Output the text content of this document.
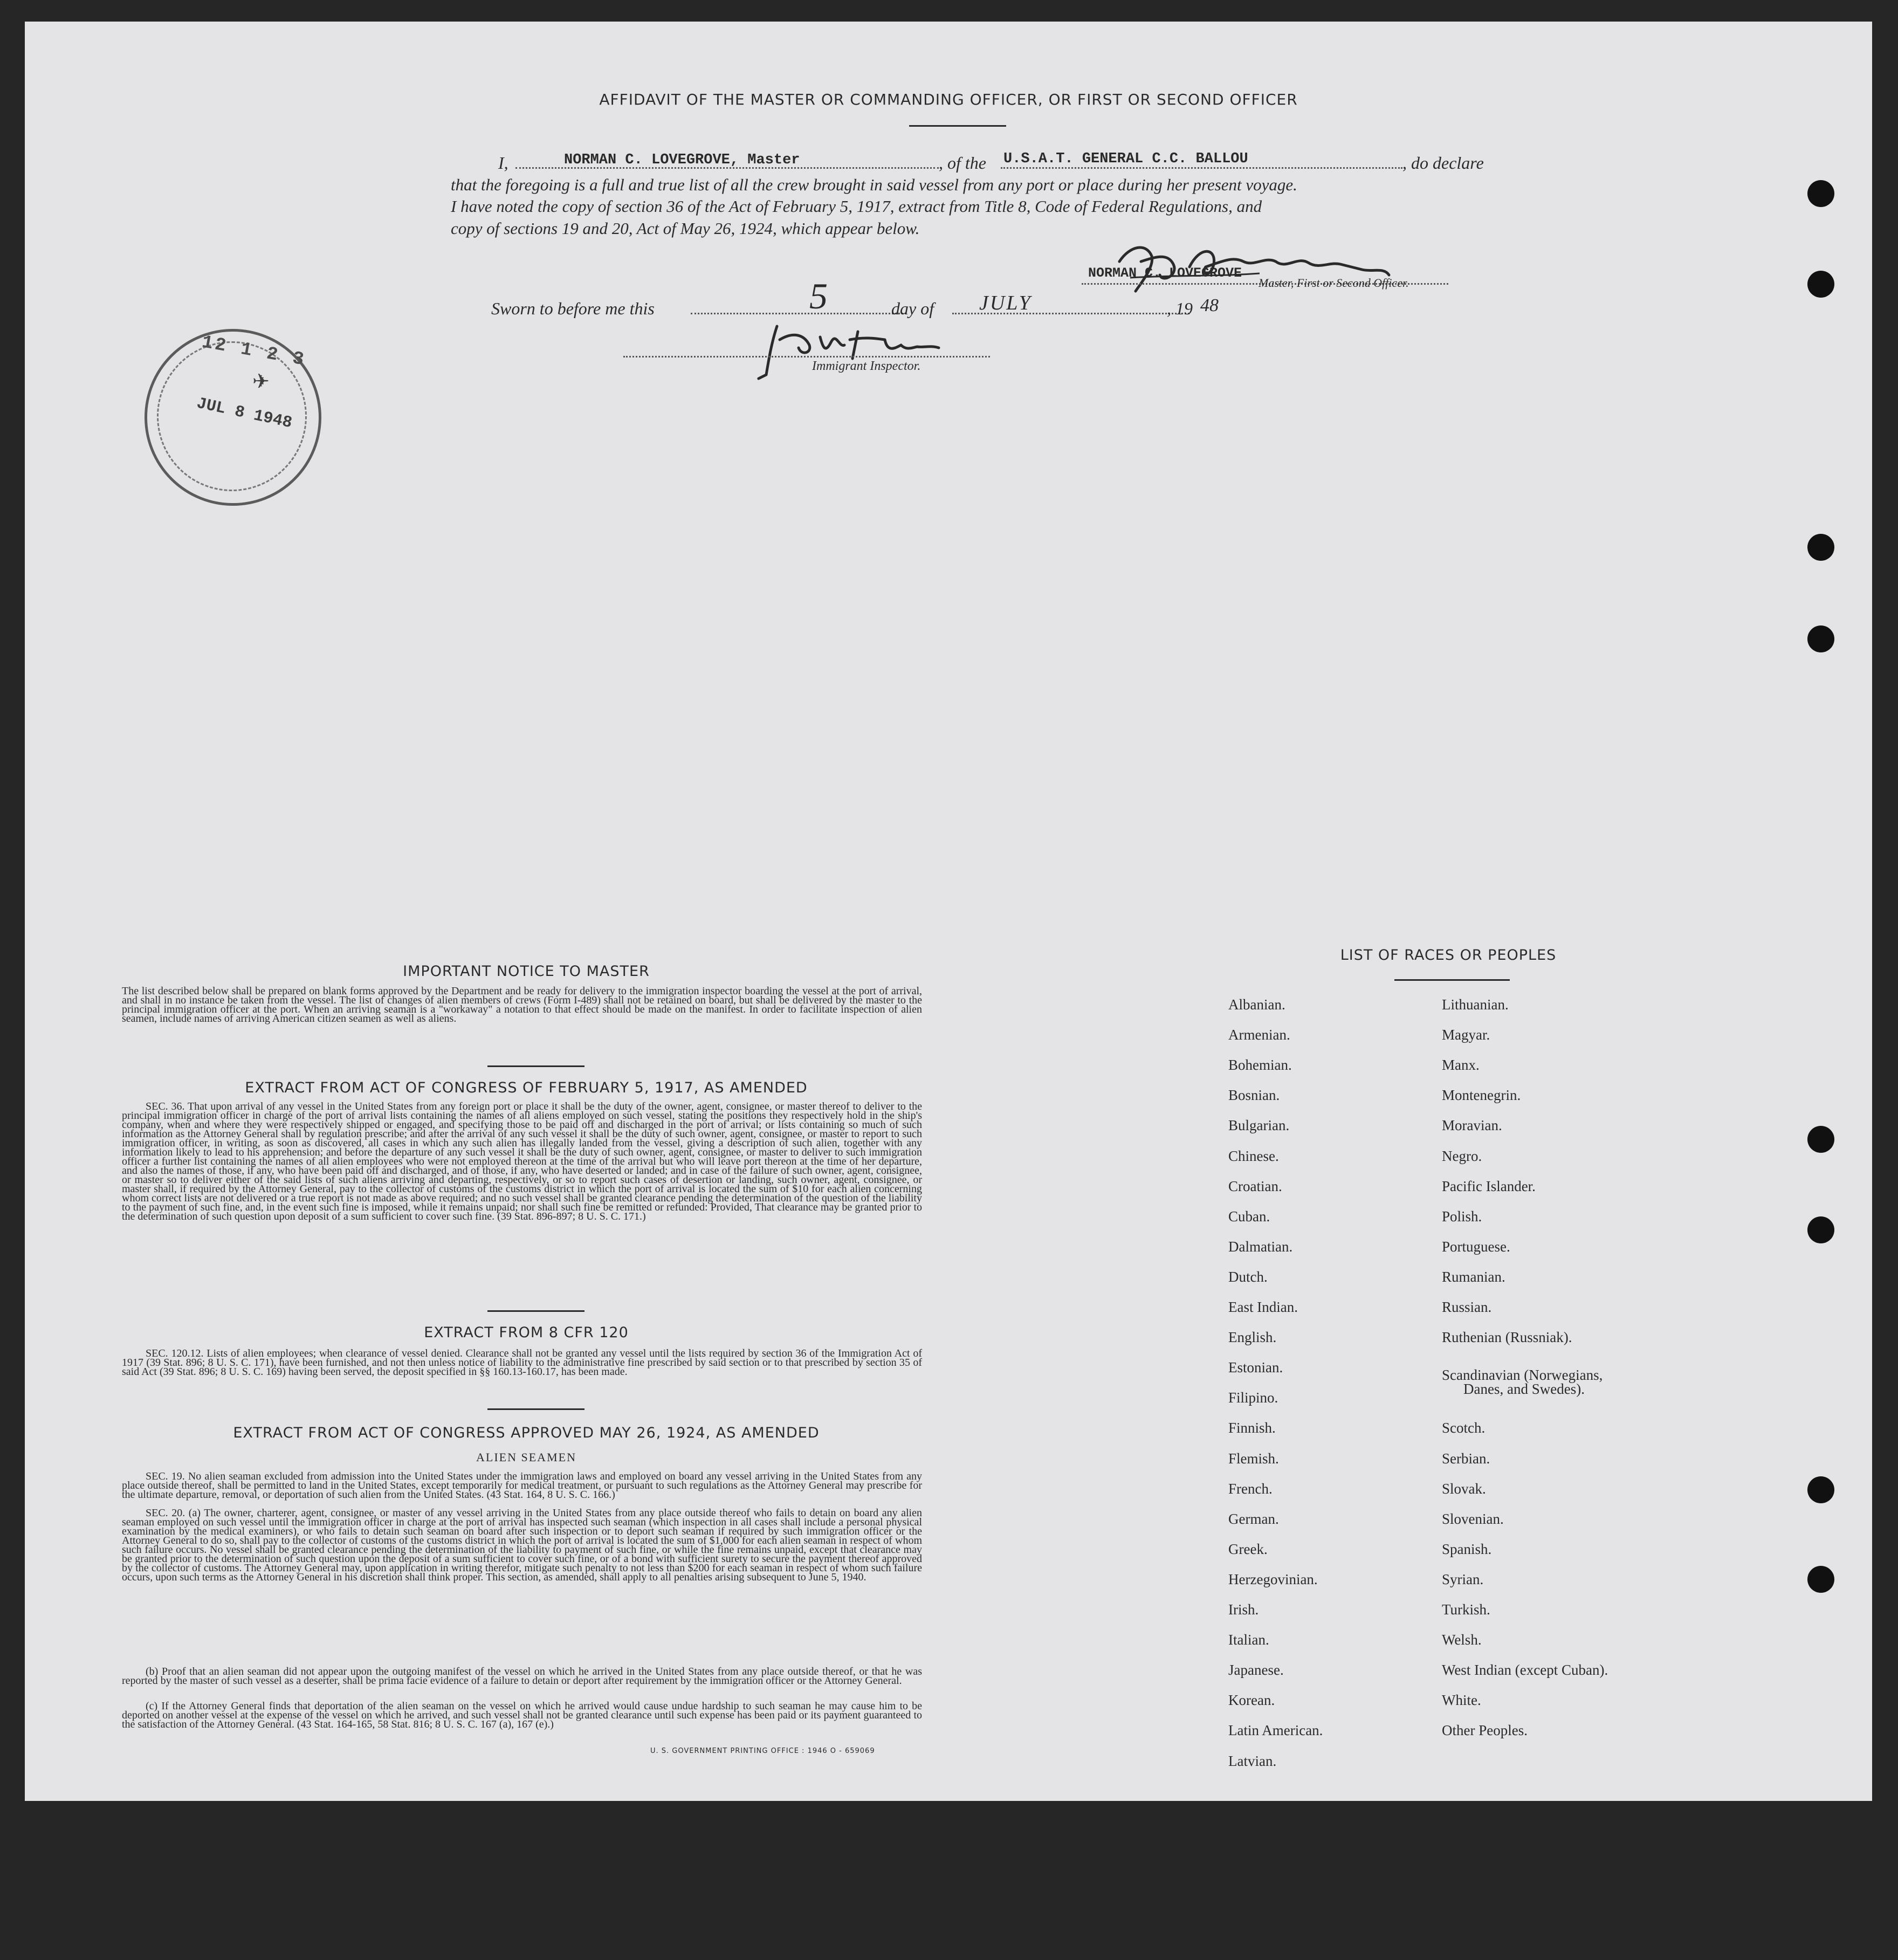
AFFIDAVIT OF THE MASTER OR COMMANDING OFFICER, OR FIRST OR SECOND OFFICER
I,	NORMAN C. LOVEGROVE, Master	, of the U.S.A.T. GENERAL C.C. BALLOU	, do declare
that the foregoing is a full and true list of all the crew brought in said vessel from any port or place during her present voyage.
I have noted the copy of section 36 of the Act of February 5, 1917, extract from Title 8, Code of Federal Regulations, and
copy of sections 19 and 20, Act of May 26, 1924, which appear below.
NORMAN C. LOVEGROVE
Master, First or Second Officer.
Sworn to before me this	5	day of JULY	, 19 48
Immigrant Inspector.
12 1 2 3
JUL 8 1948
✈
IMPORTANT NOTICE TO MASTER
The list described below shall be prepared on blank forms approved by the Department and be ready for delivery to the immigration inspector boarding the vessel at the port of arrival, and shall in no instance be taken from the vessel. The list of changes of alien members of crews (Form I-489) shall not be retained on board, but shall be delivered by the master to the principal immigration officer at the port. When an arriving seaman is a "workaway" a notation to that effect should be made on the manifest. In order to facilitate inspection of alien seamen, include names of arriving American citizen seamen as well as aliens.
EXTRACT FROM ACT OF CONGRESS OF FEBRUARY 5, 1917, AS AMENDED
SEC. 36. That upon arrival of any vessel in the United States from any foreign port or place it shall be the duty of the owner, agent, consignee, or master thereof to deliver to the principal immigration officer in charge of the port of arrival lists containing the names of all aliens employed on such vessel, stating the positions they respectively hold in the ship's company, when and where they were respectively shipped or engaged, and specifying those to be paid off and discharged in the port of arrival; or lists containing so much of such information as the Attorney General shall by regulation prescribe; and after the arrival of any such vessel it shall be the duty of such owner, agent, consignee, or master to report to such immigration officer, in writing, as soon as discovered, all cases in which any such alien has illegally landed from the vessel, giving a description of such alien, together with any information likely to lead to his apprehension; and before the departure of any such vessel it shall be the duty of such owner, agent, consignee, or master to deliver to such immigration officer a further list containing the names of all alien employees who were not employed thereon at the time of the arrival but who will leave port thereon at the time of her departure, and also the names of those, if any, who have been paid off and discharged, and of those, if any, who have deserted or landed; and in case of the failure of such owner, agent, consignee, or master so to deliver either of the said lists of such aliens arriving and departing, respectively, or so to report such cases of desertion or landing, such owner, agent, consignee, or master shall, if required by the Attorney General, pay to the collector of customs of the customs district in which the port of arrival is located the sum of $10 for each alien concerning whom correct lists are not delivered or a true report is not made as above required; and no such vessel shall be granted clearance pending the determination of the question of the liability to the payment of such fine, and, in the event such fine is imposed, while it remains unpaid; nor shall such fine be remitted or refunded: Provided, That clearance may be granted prior to the determination of such question upon deposit of a sum sufficient to cover such fine. (39 Stat. 896-897; 8 U. S. C. 171.)
EXTRACT FROM 8 CFR 120
SEC. 120.12. Lists of alien employees; when clearance of vessel denied. Clearance shall not be granted any vessel until the lists required by section 36 of the Immigration Act of 1917 (39 Stat. 896; 8 U. S. C. 171), have been furnished, and not then unless notice of liability to the administrative fine prescribed by said section or to that prescribed by section 35 of said Act (39 Stat. 896; 8 U. S. C. 169) having been served, the deposit specified in §§ 160.13-160.17, has been made.
EXTRACT FROM ACT OF CONGRESS APPROVED MAY 26, 1924, AS AMENDED
ALIEN SEAMEN
SEC. 19. No alien seaman excluded from admission into the United States under the immigration laws and employed on board any vessel arriving in the United States from any place outside thereof, shall be permitted to land in the United States, except temporarily for medical treatment, or pursuant to such regulations as the Attorney General may prescribe for the ultimate departure, removal, or deportation of such alien from the United States. (43 Stat. 164, 8 U. S. C. 166.)
SEC. 20. (a) The owner, charterer, agent, consignee, or master of any vessel arriving in the United States from any place outside thereof who fails to detain on board any alien seaman employed on such vessel until the immigration officer in charge at the port of arrival has inspected such seaman (which inspection in all cases shall include a personal physical examination by the medical examiners), or who fails to detain such seaman on board after such inspection or to deport such seaman if required by such immigration officer or the Attorney General to do so, shall pay to the collector of customs of the customs district in which the port of arrival is located the sum of $1,000 for each alien seaman in respect of whom such failure occurs. No vessel shall be granted clearance pending the determination of the liability to payment of such fine, or while the fine remains unpaid, except that clearance may be granted prior to the determination of such question upon the deposit of a sum sufficient to cover such fine, or of a bond with sufficient surety to secure the payment thereof approved by the collector of customs. The Attorney General may, upon application in writing therefor, mitigate such penalty to not less than $200 for each seaman in respect of whom such failure occurs, upon such terms as the Attorney General in his discretion shall think proper. This section, as amended, shall apply to all penalties arising subsequent to June 5, 1940.
(b) Proof that an alien seaman did not appear upon the outgoing manifest of the vessel on which he arrived in the United States from any place outside thereof, or that he was reported by the master of such vessel as a deserter, shall be prima facie evidence of a failure to detain or deport after requirement by the immigration officer or the Attorney General.
(c) If the Attorney General finds that deportation of the alien seaman on the vessel on which he arrived would cause undue hardship to such seaman he may cause him to be deported on another vessel at the expense of the vessel on which he arrived, and such vessel shall not be granted clearance until such expense has been paid or its payment guaranteed to the satisfaction of the Attorney General. (43 Stat. 164-165, 58 Stat. 816; 8 U. S. C. 167 (a), 167 (e).)
U. S. GOVERNMENT PRINTING OFFICE : 1946 O - 659069
LIST OF RACES OR PEOPLES
Albanian.
Armenian.
Bohemian.
Bosnian.
Bulgarian.
Chinese.
Croatian.
Cuban.
Dalmatian.
Dutch.
East Indian.
English.
Estonian.
Filipino.
Finnish.
Flemish.
French.
German.
Greek.
Herzegovinian.
Irish.
Italian.
Japanese.
Korean.
Latin American.
Latvian.
Lithuanian.
Magyar.
Manx.
Montenegrin.
Moravian.
Negro.
Pacific Islander.
Polish.
Portuguese.
Rumanian.
Russian.
Ruthenian (Russniak).
Scandinavian (Norwegians,
Danes, and Swedes).
Scotch.
Serbian.
Slovak.
Slovenian.
Spanish.
Syrian.
Turkish.
Welsh.
West Indian (except Cuban).
White.
Other Peoples.
